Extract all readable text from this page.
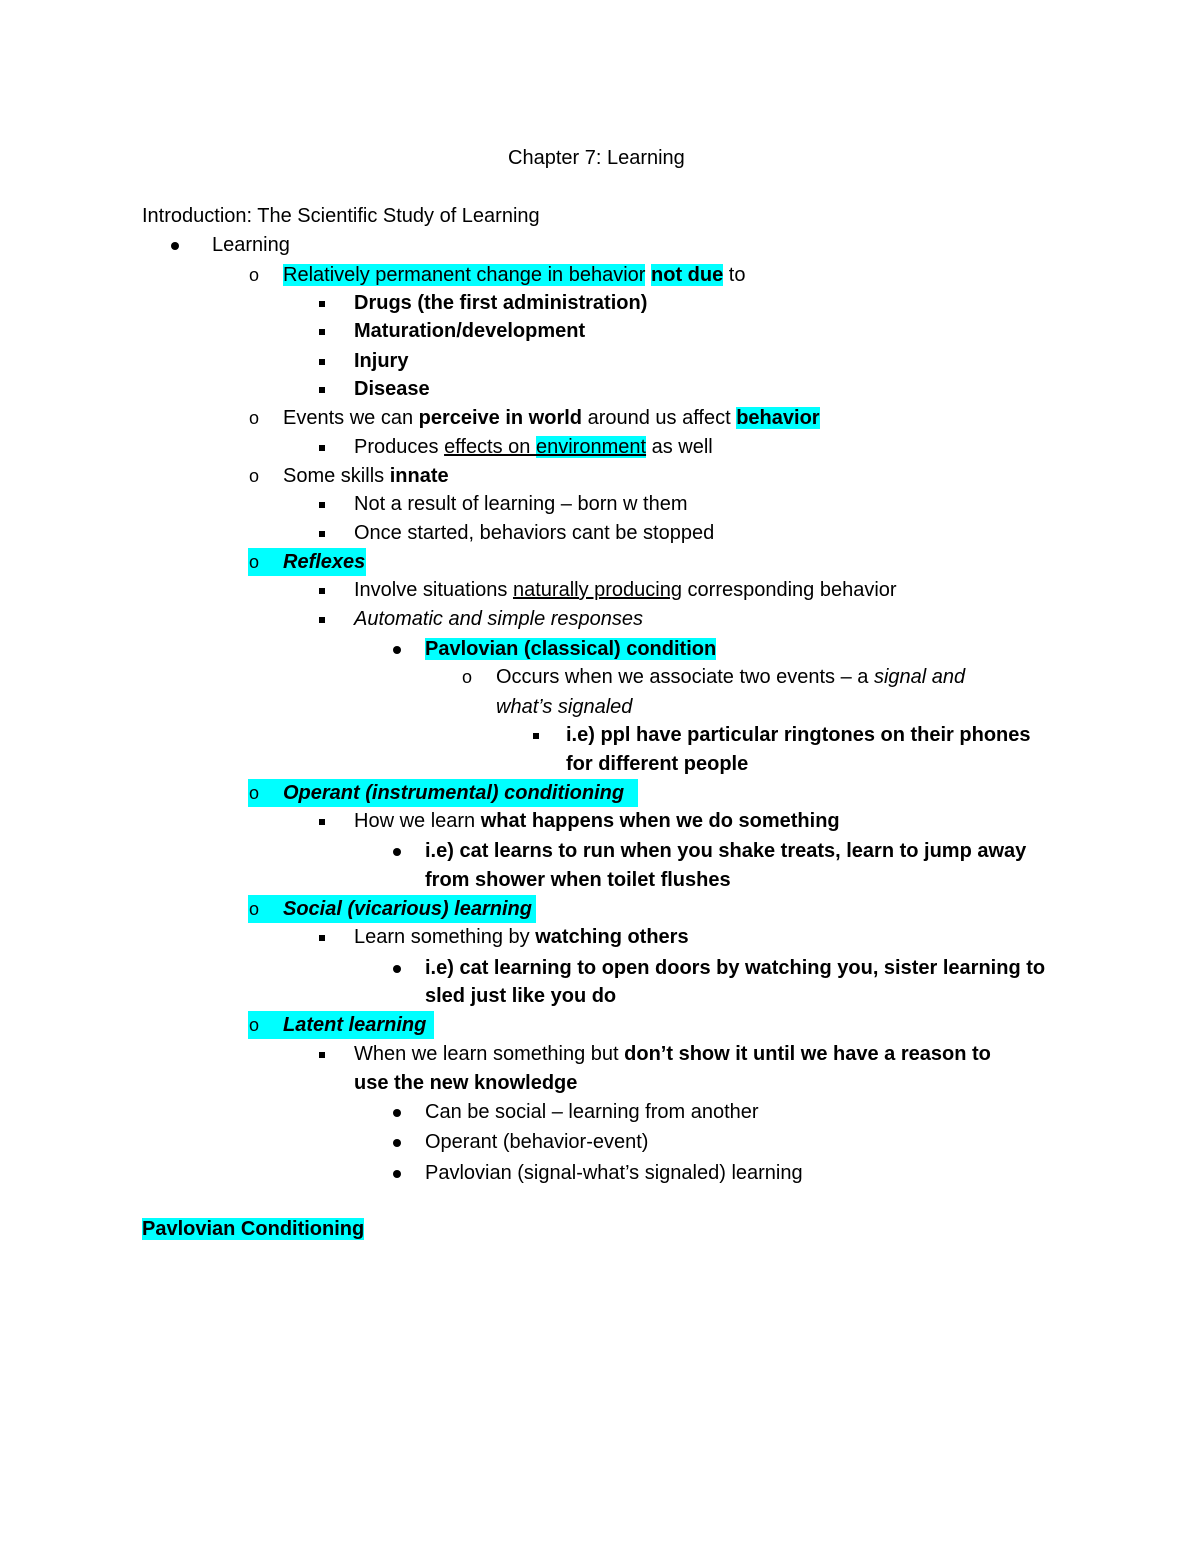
Chapter 7: Learning
Introduction: The Scientific Study of Learning
Learning
o Relatively permanent change in behavior not due to
Drugs (the first administration)
Maturation/development
Injury
Disease
o Events we can perceive in world around us affect behavior
Produces effects on environment as well
o Some skills innate
Not a result of learning – born w them
Once started, behaviors cant be stopped
o Reflexes
Involve situations naturally producing corresponding behavior
Automatic and simple responses
Pavlovian (classical) condition
o Occurs when we associate two events – a signal and
what’s signaled
i.e) ppl have particular ringtones on their phones
for different people
o Operant (instrumental) conditioning
How we learn what happens when we do something
i.e) cat learns to run when you shake treats, learn to jump away
from shower when toilet flushes
o Social (vicarious) learning
Learn something by watching others
i.e) cat learning to open doors by watching you, sister learning to
sled just like you do
o Latent learning
When we learn something but don’t show it until we have a reason to
use the new knowledge
Can be social – learning from another
Operant (behavior-event)
Pavlovian (signal-what’s signaled) learning
Pavlovian Conditioning
